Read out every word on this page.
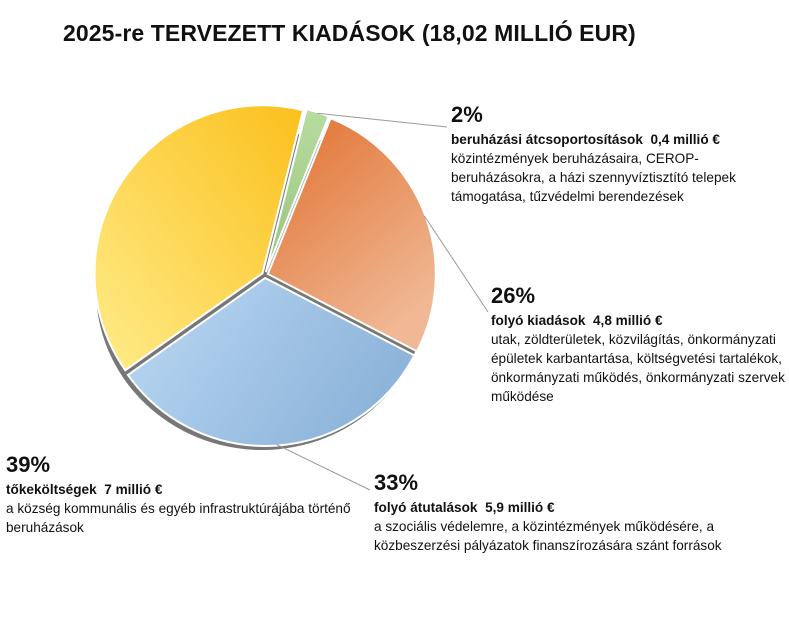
2025-re TERVEZETT KIADÁSOK (18,02 MILLIÓ EUR)
2%
beruházási átcsoportosítások 0,4 millió €
közintézmények beruházásaira, CEROP-beruházásokra, a házi szennyvíztisztító telepek támogatása, tűzvédelmi berendezések
26%
folyó kiadások 4,8 millió €
utak, zöldterületek, közvilágítás, önkormányzati épületek karbantartása, költségvetési tartalékok, önkormányzati működés, önkormányzati szervek működése
33%
folyó átutalások 5,9 millió €
a szociális védelemre, a közintézmények működésére, a közbeszerzési pályázatok finanszírozására szánt források
39%
tőkeköltségek 7 millió €
a község kommunális és egyéb infrastruktúrájába történő beruházások
